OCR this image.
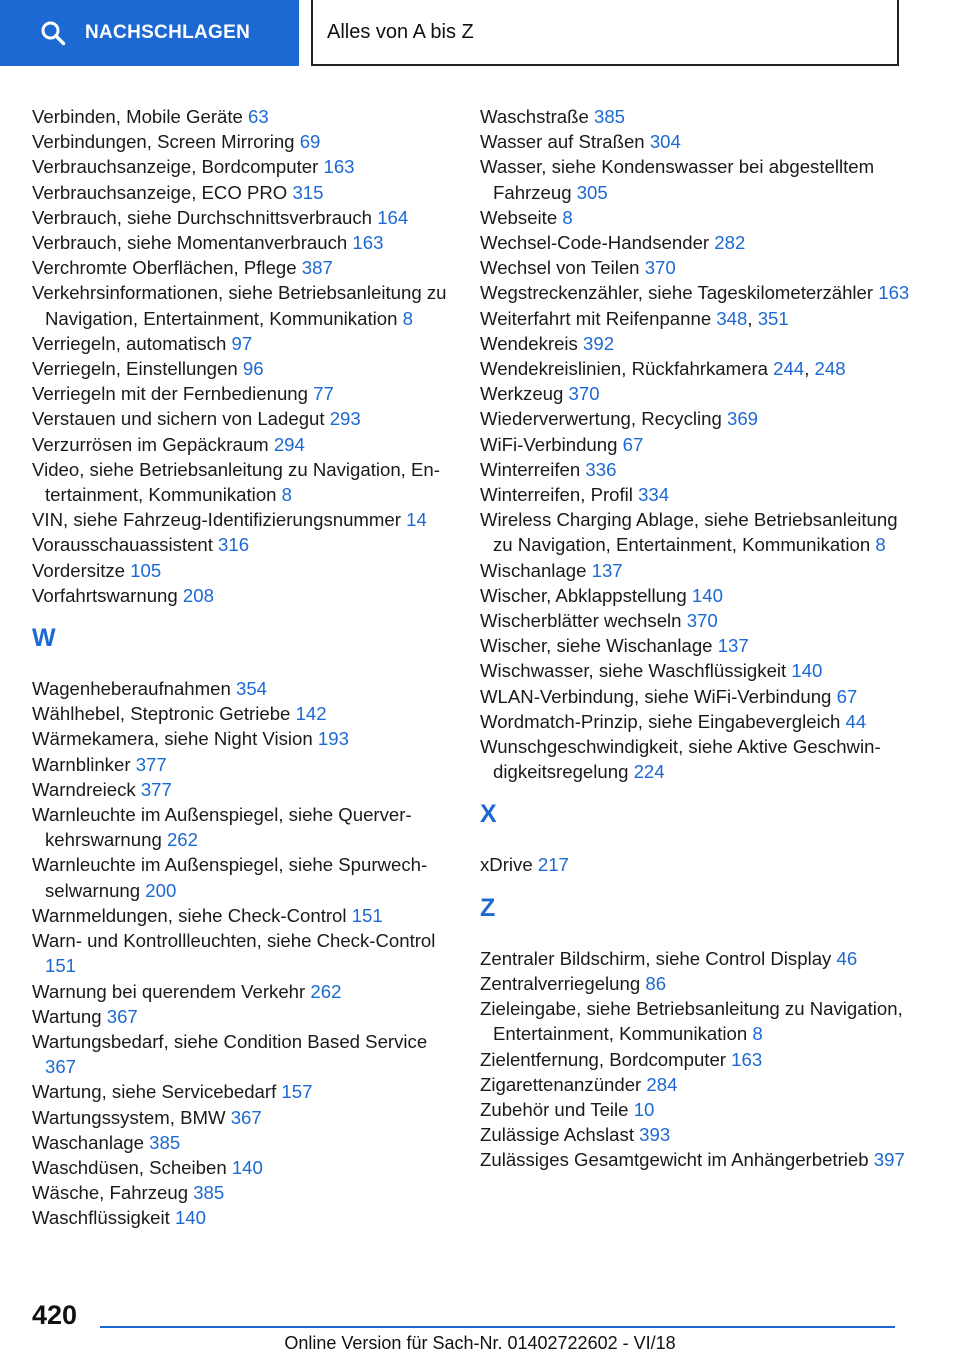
NACHSCHLAGEN	Alles von A bis Z
Verbinden, Mobile Geräte 63
Verbindungen, Screen Mirroring 69
Verbrauchsanzeige, Bordcomputer 163
Verbrauchsanzeige, ECO PRO 315
Verbrauch, siehe Durchschnittsverbrauch 164
Verbrauch, siehe Momentanverbrauch 163
Verchromte Oberflächen, Pflege 387
Verkehrsinformationen, siehe Betriebsanleitung zu Navigation, Entertainment, Kommunikation 8
Verriegeln, automatisch 97
Verriegeln, Einstellungen 96
Verriegeln mit der Fernbedienung 77
Verstauen und sichern von Ladegut 293
Verzurrösen im Gepäckraum 294
Video, siehe Betriebsanleitung zu Navigation, Entertainment, Kommunikation 8
VIN, siehe Fahrzeug-Identifizierungsnummer 14
Vorausschauassistent 316
Vordersitze 105
Vorfahrtswarnung 208
W
Wagenheberaufnahmen 354
Wählhebel, Steptronic Getriebe 142
Wärmekamera, siehe Night Vision 193
Warnblinker 377
Warndreieck 377
Warnleuchte im Außenspiegel, siehe Querverkehrswarnung 262
Warnleuchte im Außenspiegel, siehe Spurwechselwarnung 200
Warnmeldungen, siehe Check-Control 151
Warn- und Kontrollleuchten, siehe Check-Control 151
Warnung bei querendem Verkehr 262
Wartung 367
Wartungsbedarf, siehe Condition Based Service 367
Wartung, siehe Servicebedarf 157
Wartungssystem, BMW 367
Waschanlage 385
Waschdüsen, Scheiben 140
Wäsche, Fahrzeug 385
Waschflüssigkeit 140
Waschstraße 385
Wasser auf Straßen 304
Wasser, siehe Kondenswasser bei abgestelltem Fahrzeug 305
Webseite 8
Wechsel-Code-Handsender 282
Wechsel von Teilen 370
Wegstreckenzähler, siehe Tageskilometerzähler 163
Weiterfahrt mit Reifenpanne 348, 351
Wendekreis 392
Wendekreislinien, Rückfahrkamera 244, 248
Werkzeug 370
Wiederverwertung, Recycling 369
WiFi-Verbindung 67
Winterreifen 336
Winterreifen, Profil 334
Wireless Charging Ablage, siehe Betriebsanleitung zu Navigation, Entertainment, Kommunikation 8
Wischanlage 137
Wischer, Abklappstellung 140
Wischerblätter wechseln 370
Wischer, siehe Wischanlage 137
Wischwasser, siehe Waschflüssigkeit 140
WLAN-Verbindung, siehe WiFi-Verbindung 67
Wordmatch-Prinzip, siehe Eingabevergleich 44
Wunschgeschwindigkeit, siehe Aktive Geschwindigkeitsregelung 224
X
xDrive 217
Z
Zentraler Bildschirm, siehe Control Display 46
Zentralverriegelung 86
Zieleingabe, siehe Betriebsanleitung zu Navigation, Entertainment, Kommunikation 8
Zielentfernung, Bordcomputer 163
Zigarettenanzünder 284
Zubehör und Teile 10
Zulässige Achslast 393
Zulässiges Gesamtgewicht im Anhängerbetrieb 397
420
Online Version für Sach-Nr. 01402722602 - VI/18
